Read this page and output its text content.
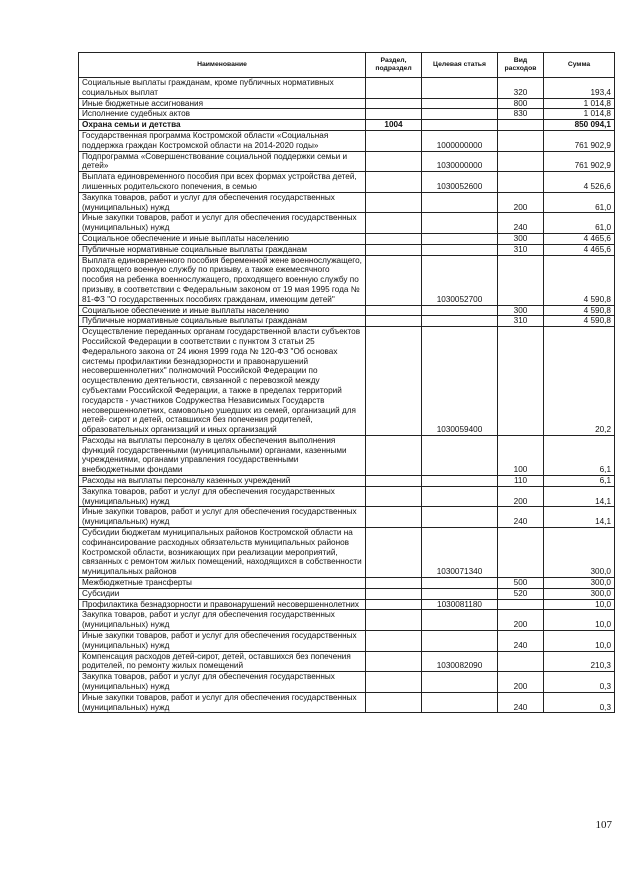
Наименование	Раздел, подраздел	Целевая статья	Вид расходов	Сумма
Социальные выплаты гражданам, кроме публичных нормативных социальных выплат			320	193,4
Иные бюджетные ассигнования			800	1 014,8
Исполнение судебных актов			830	1 014,8
Охрана семьи и детства	1004			850 094,1
Государственная программа Костромской области «Социальная поддержка граждан Костромской области на 2014-2020 годы»		1000000000		761 902,9
Подпрограмма «Совершенствование социальной поддержки семьи и детей»		1030000000		761 902,9
Выплата единовременного пособия при всех формах устройства детей, лишенных родительского попечения, в семью		1030052600		4 526,6
Закупка товаров, работ и услуг для обеспечения государственных (муниципальных) нужд			200	61,0
Иные закупки товаров, работ и услуг для обеспечения государственных (муниципальных) нужд			240	61,0
Социальное обеспечение и иные выплаты населению			300	4 465,6
Публичные нормативные социальные выплаты гражданам			310	4 465,6
Выплата единовременного пособия беременной жене военнослужащего, проходящего военную службу по призыву, а также ежемесячного пособия на ребенка военнослужащего, проходящего военную службу по призыву, в соответствии с Федеральным законом от 19 мая 1995 года № 81-ФЗ "О государственных пособиях гражданам, имеющим детей"		1030052700		4 590,8
Социальное обеспечение и иные выплаты населению			300	4 590,8
Публичные нормативные социальные выплаты гражданам			310	4 590,8
Осуществление переданных органам государственной власти субъектов Российской Федерации в соответствии с пунктом 3 статьи 25 Федерального закона от 24 июня 1999 года № 120-ФЗ "Об основах системы профилактики безнадзорности и правонарушений несовершеннолетних" полномочий Российской Федерации по осуществлению деятельности, связанной с перевозкой между субъектами Российской Федерации, а также в пределах территорий государств - участников Содружества Независимых Государств несовершеннолетних, самовольно ушедших из семей, организаций для детей- сирот и детей, оставшихся без попечения родителей, образовательных организаций и иных организаций		1030059400		20,2
Расходы на выплаты персоналу в целях обеспечения выполнения функций государственными (муниципальными) органами, казенными учреждениями, органами управления государственными внебюджетными фондами			100	6,1
Расходы на выплаты персоналу казенных учреждений			110	6,1
Закупка товаров, работ и услуг для обеспечения государственных (муниципальных) нужд			200	14,1
Иные закупки товаров, работ и услуг для обеспечения государственных (муниципальных) нужд			240	14,1
Субсидии бюджетам муниципальных районов Костромской области на софинансирование расходных обязательств муниципальных районов Костромской области, возникающих при реализации мероприятий, связанных с ремонтом жилых помещений, находящихся в собственности муниципальных районов		1030071340		300,0
Межбюджетные трансферты			500	300,0
Субсидии			520	300,0
Профилактика безнадзорности и правонарушений несовершеннолетних		1030081180		10,0
Закупка товаров, работ и услуг для обеспечения государственных (муниципальных) нужд			200	10,0
Иные закупки товаров, работ и услуг для обеспечения государственных (муниципальных) нужд			240	10,0
Компенсация расходов детей-сирот, детей, оставшихся без попечения родителей, по ремонту жилых помещений		1030082090		210,3
Закупка товаров, работ и услуг для обеспечения государственных (муниципальных) нужд			200	0,3
Иные закупки товаров, работ и услуг для обеспечения государственных (муниципальных) нужд			240	0,3
107
